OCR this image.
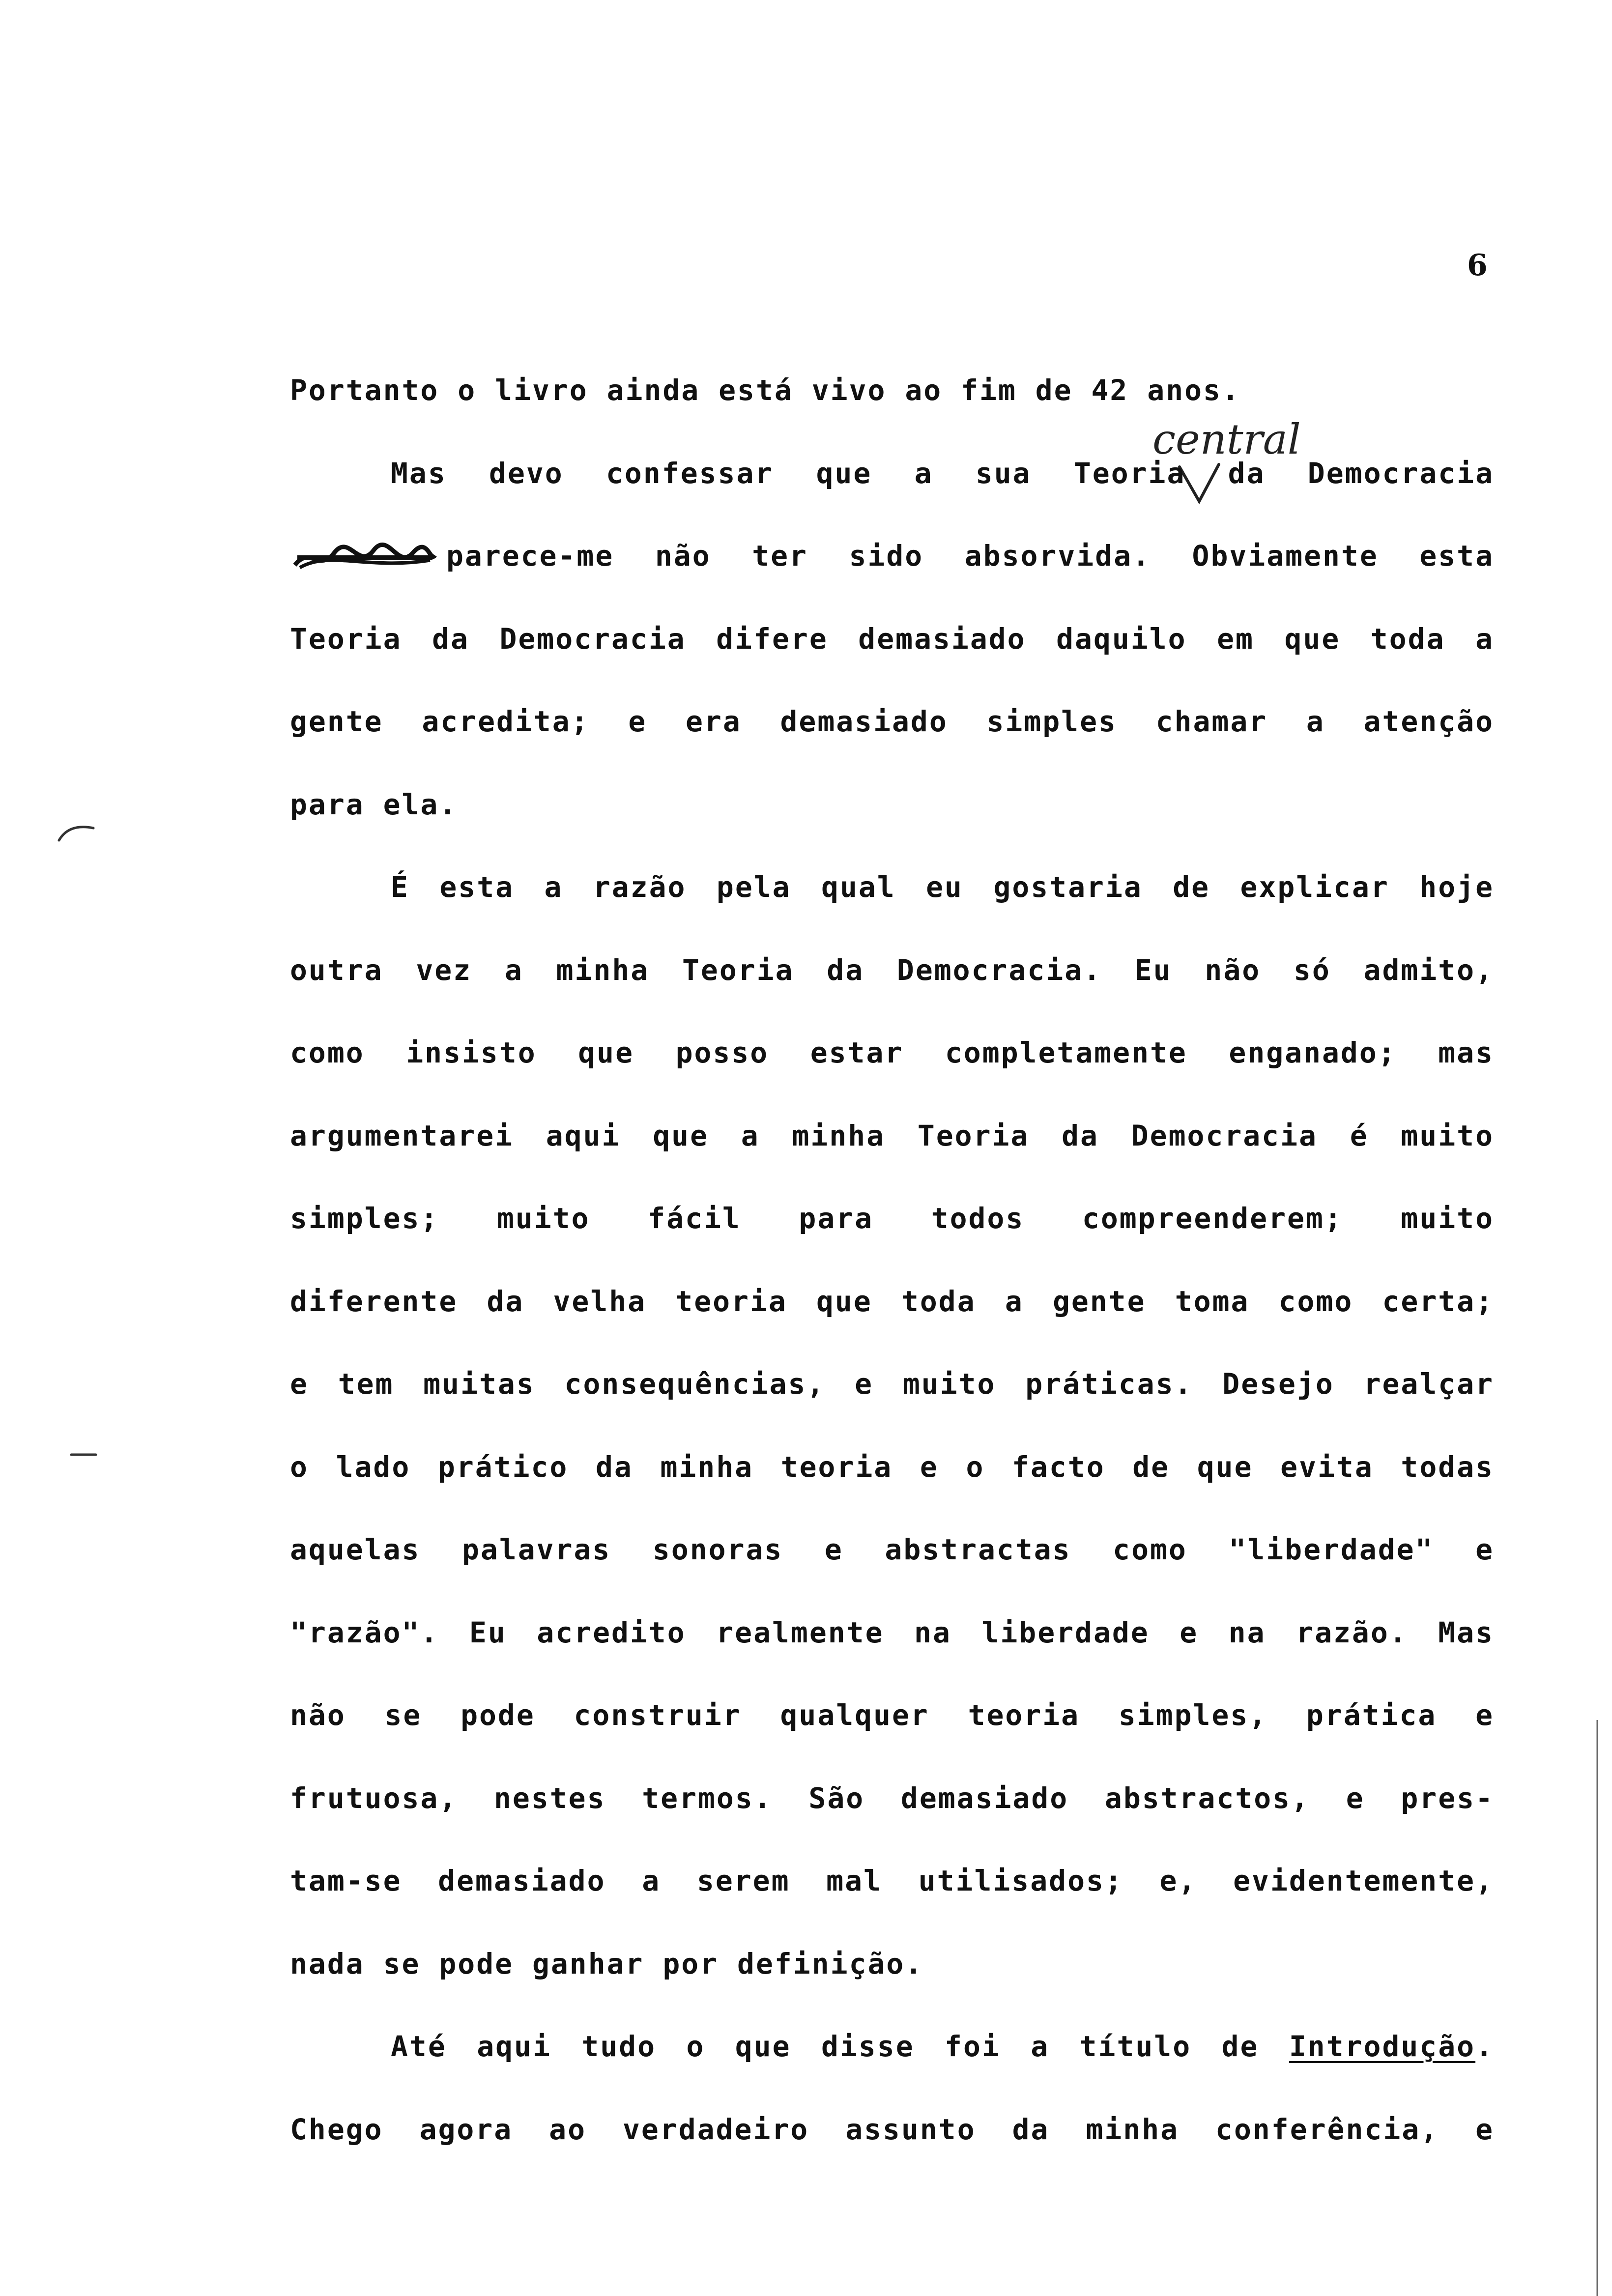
6
central
Portanto o livro ainda está vivo ao fim de 42 anos.
Mas devo confessar que a sua Teoria da Democracia
parece-me não ter sido absorvida. Obviamente esta
Teoria da Democracia difere demasiado daquilo em que toda a
gente acredita; e era demasiado simples chamar a atenção
para ela.
É esta a razão pela qual eu gostaria de explicar hoje
outra vez a minha Teoria da Democracia. Eu não só admito,
como insisto que posso estar completamente enganado; mas
argumentarei aqui que a minha Teoria da Democracia é muito
simples; muito fácil para todos compreenderem; muito
diferente da velha teoria que toda a gente toma como certa;
e tem muitas consequências, e muito práticas. Desejo realçar
o lado prático da minha teoria e o facto de que evita todas
aquelas palavras sonoras e abstractas como "liberdade" e
"razão". Eu acredito realmente na liberdade e na razão. Mas
não se pode construir qualquer teoria simples, prática e
frutuosa, nestes termos. São demasiado abstractos, e pres-
tam-se demasiado a serem mal utilisados; e, evidentemente,
nada se pode ganhar por definição.
Até aqui tudo o que disse foi a título de Introdução.
Chego agora ao verdadeiro assunto da minha conferência, e
